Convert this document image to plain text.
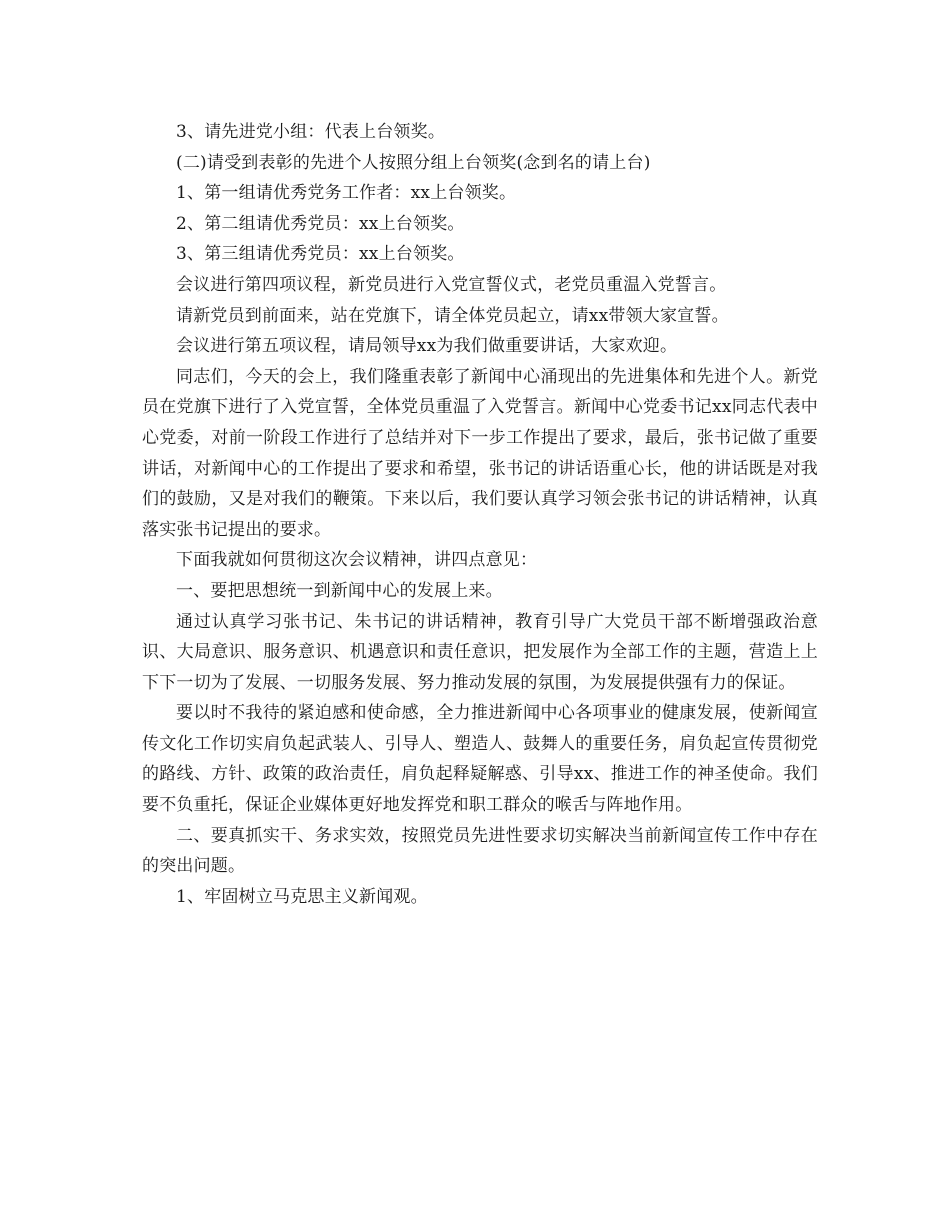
3、请先进党小组：代表上台领奖。

(二)请受到表彰的先进个人按照分组上台领奖(念到名的请上台)

1、第一组请优秀党务工作者：xx上台领奖。

2、第二组请优秀党员：xx上台领奖。

3、第三组请优秀党员：xx上台领奖。

会议进行第四项议程，新党员进行入党宣誓仪式，老党员重温入党誓言。

请新党员到前面来，站在党旗下，请全体党员起立，请xx带领大家宣誓。

会议进行第五项议程，请局领导xx为我们做重要讲话，大家欢迎。

同志们，今天的会上，我们隆重表彰了新闻中心涌现出的先进集体和先进个人。新党员在党旗下进行了入党宣誓，全体党员重温了入党誓言。新闻中心党委书记xx同志代表中心党委，对前一阶段工作进行了总结并对下一步工作提出了要求，最后，张书记做了重要讲话，对新闻中心的工作提出了要求和希望，张书记的讲话语重心长，他的讲话既是对我们的鼓励，又是对我们的鞭策。下来以后，我们要认真学习领会张书记的讲话精神，认真落实张书记提出的要求。

下面我就如何贯彻这次会议精神，讲四点意见：

一、要把思想统一到新闻中心的发展上来。

通过认真学习张书记、朱书记的讲话精神，教育引导广大党员干部不断增强政治意识、大局意识、服务意识、机遇意识和责任意识，把发展作为全部工作的主题，营造上上下下一切为了发展、一切服务发展、努力推动发展的氛围，为发展提供强有力的保证。

要以时不我待的紧迫感和使命感，全力推进新闻中心各项事业的健康发展，使新闻宣传文化工作切实肩负起武装人、引导人、塑造人、鼓舞人的重要任务，肩负起宣传贯彻党的路线、方针、政策的政治责任，肩负起释疑解惑、引导xx、推进工作的神圣使命。我们要不负重托，保证企业媒体更好地发挥党和职工群众的喉舌与阵地作用。

二、要真抓实干、务求实效，按照党员先进性要求切实解决当前新闻宣传工作中存在的突出问题。

1、牢固树立马克思主义新闻观。
